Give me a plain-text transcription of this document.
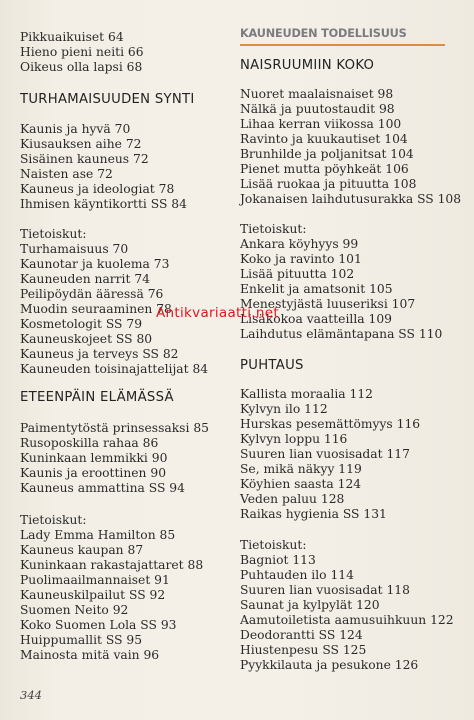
KAUNEUDEN TODELLISUUS
Pikkuaikuiset 64
Hieno pieni neiti 66
Oikeus olla lapsi 68
TURHAMAISUUDEN SYNTI
Kaunis ja hyvä 70
Kiusauksen aihe 72
Sisäinen kauneus 72
Naisten ase 72
Kauneus ja ideologiat 78
Ihmisen käyntikortti SS 84
Tietoiskut:
Turhamaisuus 70
Kaunotar ja kuolema 73
Kauneuden narrit 74
Peilipöydän ääressä 76
Muodin seuraaminen 78
Kosmetologit SS 79
Kauneuskojeet SS 80
Kauneus ja terveys SS 82
Kauneuden toisinajattelijat 84
ETEENPÄIN ELÄMÄSSÄ
Paimentytöstä prinsessaksi 85
Rusoposkilla rahaa 86
Kuninkaan lemmikki 90
Kaunis ja eroottinen 90
Kauneus ammattina SS 94
Tietoiskut:
Lady Emma Hamilton 85
Kauneus kaupan 87
Kuninkaan rakastajattaret 88
Puolimaailmannaiset 91
Kauneuskilpailut SS 92
Suomen Neito 92
Koko Suomen Lola SS 93
Huippumallit SS 95
Mainosta mitä vain 96
NAISRUUMIIN KOKO
Nuoret maalaisnaiset 98
Nälkä ja puutostaudit 98
Lihaa kerran viikossa 100
Ravinto ja kuukautiset 104
Brunhilde ja poljanitsat 104
Pienet mutta pöyhkeät 106
Lisää ruokaa ja pituutta 108
Jokanaisen laihdutusurakka SS 108
Tietoiskut:
Ankara köyhyys 99
Koko ja ravinto 101
Lisää pituutta 102
Enkelit ja amatsonit 105
Menestyjästä luuseriksi 107
Lisäkokoa vaatteilla 109
Laihdutus elämäntapana SS 110
PUHTAUS
Kallista moraalia 112
Kylvyn ilo 112
Hurskas pesemättömyys 116
Kylvyn loppu 116
Suuren lian vuosisadat 117
Se, mikä näkyy 119
Köyhien saasta 124
Veden paluu 128
Raikas hygienia SS 131
Tietoiskut:
Bagniot 113
Puhtauden ilo 114
Suuren lian vuosisadat 118
Saunat ja kylpylät 120
Aamutoiletista aamusuihkuun 122
Deodorantti SS 124
Hiustenpesu SS 125
Pyykkilauta ja pesukone 126
Antikvariaatti.net
344
